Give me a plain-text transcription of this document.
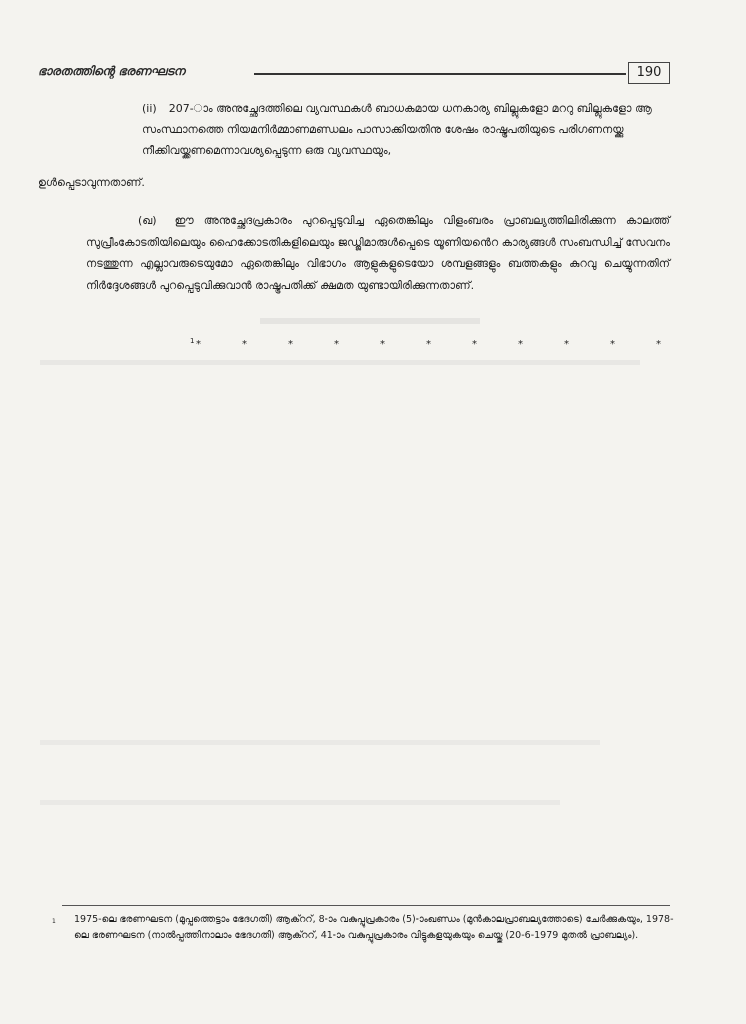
ഭാരതത്തിന്റെ ഭരണഘടന	190
(ii) 207-ാം അനുച്ഛേദത്തിലെ വ്യവസ്ഥകൾ ബാധകമായ ധനകാര്യ ബില്ലുകളോ മററു ബില്ലുകളോ ആ സംസ്ഥാനത്തെ നിയമനിർമ്മാണമണ്ഡലം പാസാക്കിയതിനു ശേഷം രാഷ്ട്രപതിയുടെ പരിഗണനയ്ക്കു നീക്കിവയ്ക്കണമെന്നാവശ്യപ്പെടുന്ന ഒരു വ്യവസ്ഥയും,
ഉൾപ്പെടാവുന്നതാണ്.
(ഖ) ഈ അനുച്ഛേദപ്രകാരം പുറപ്പെടുവിച്ച ഏതെങ്കിലും വിളംബരം പ്രാബല്യത്തിലിരിക്കുന്ന കാലത്ത് സുപ്രീംകോടതിയിലെയും ഹൈക്കോടതികളിലെയും ജഡ്ജിമാരുൾപ്പെടെ യൂണിയൻെറ കാര്യങ്ങൾ സംബന്ധിച്ച് സേവനം നടത്തുന്ന എല്ലാവരുടെയുമോ ഏതെങ്കിലും വിഭാഗം ആളുകളുടെയോ ശമ്പളങ്ങളും ബത്തകളും കുറവു ചെയ്യുന്നതിന് നിർദ്ദേശങ്ങൾ പുറപ്പെടുവിക്കുവാൻ രാഷ്ട്രപതിക്ക് ക്ഷമത യുണ്ടായിരിക്കുന്നതാണ്.
1 *	*	*	*	*	*	*	*	*	*	*
1	1975-ലെ ഭരണഘടന (മുപ്പത്തെട്ടാം ഭേദഗതി) ആക്ററ്, 8-ാം വകുപ്പുപ്രകാരം (5)-ാംഖണ്ഡം (മുൻകാലപ്രാബല്യത്തോടെ) ചേർക്കുകയും, 1978-ലെ ഭരണഘടന (നാൽപ്പത്തിനാലാം ഭേദഗതി) ആക്ററ്, 41-ാം വകുപ്പുപ്രകാരം വിട്ടുകളയുകയും ചെയ്തു (20-6-1979 മുതൽ പ്രാബല്യം).
